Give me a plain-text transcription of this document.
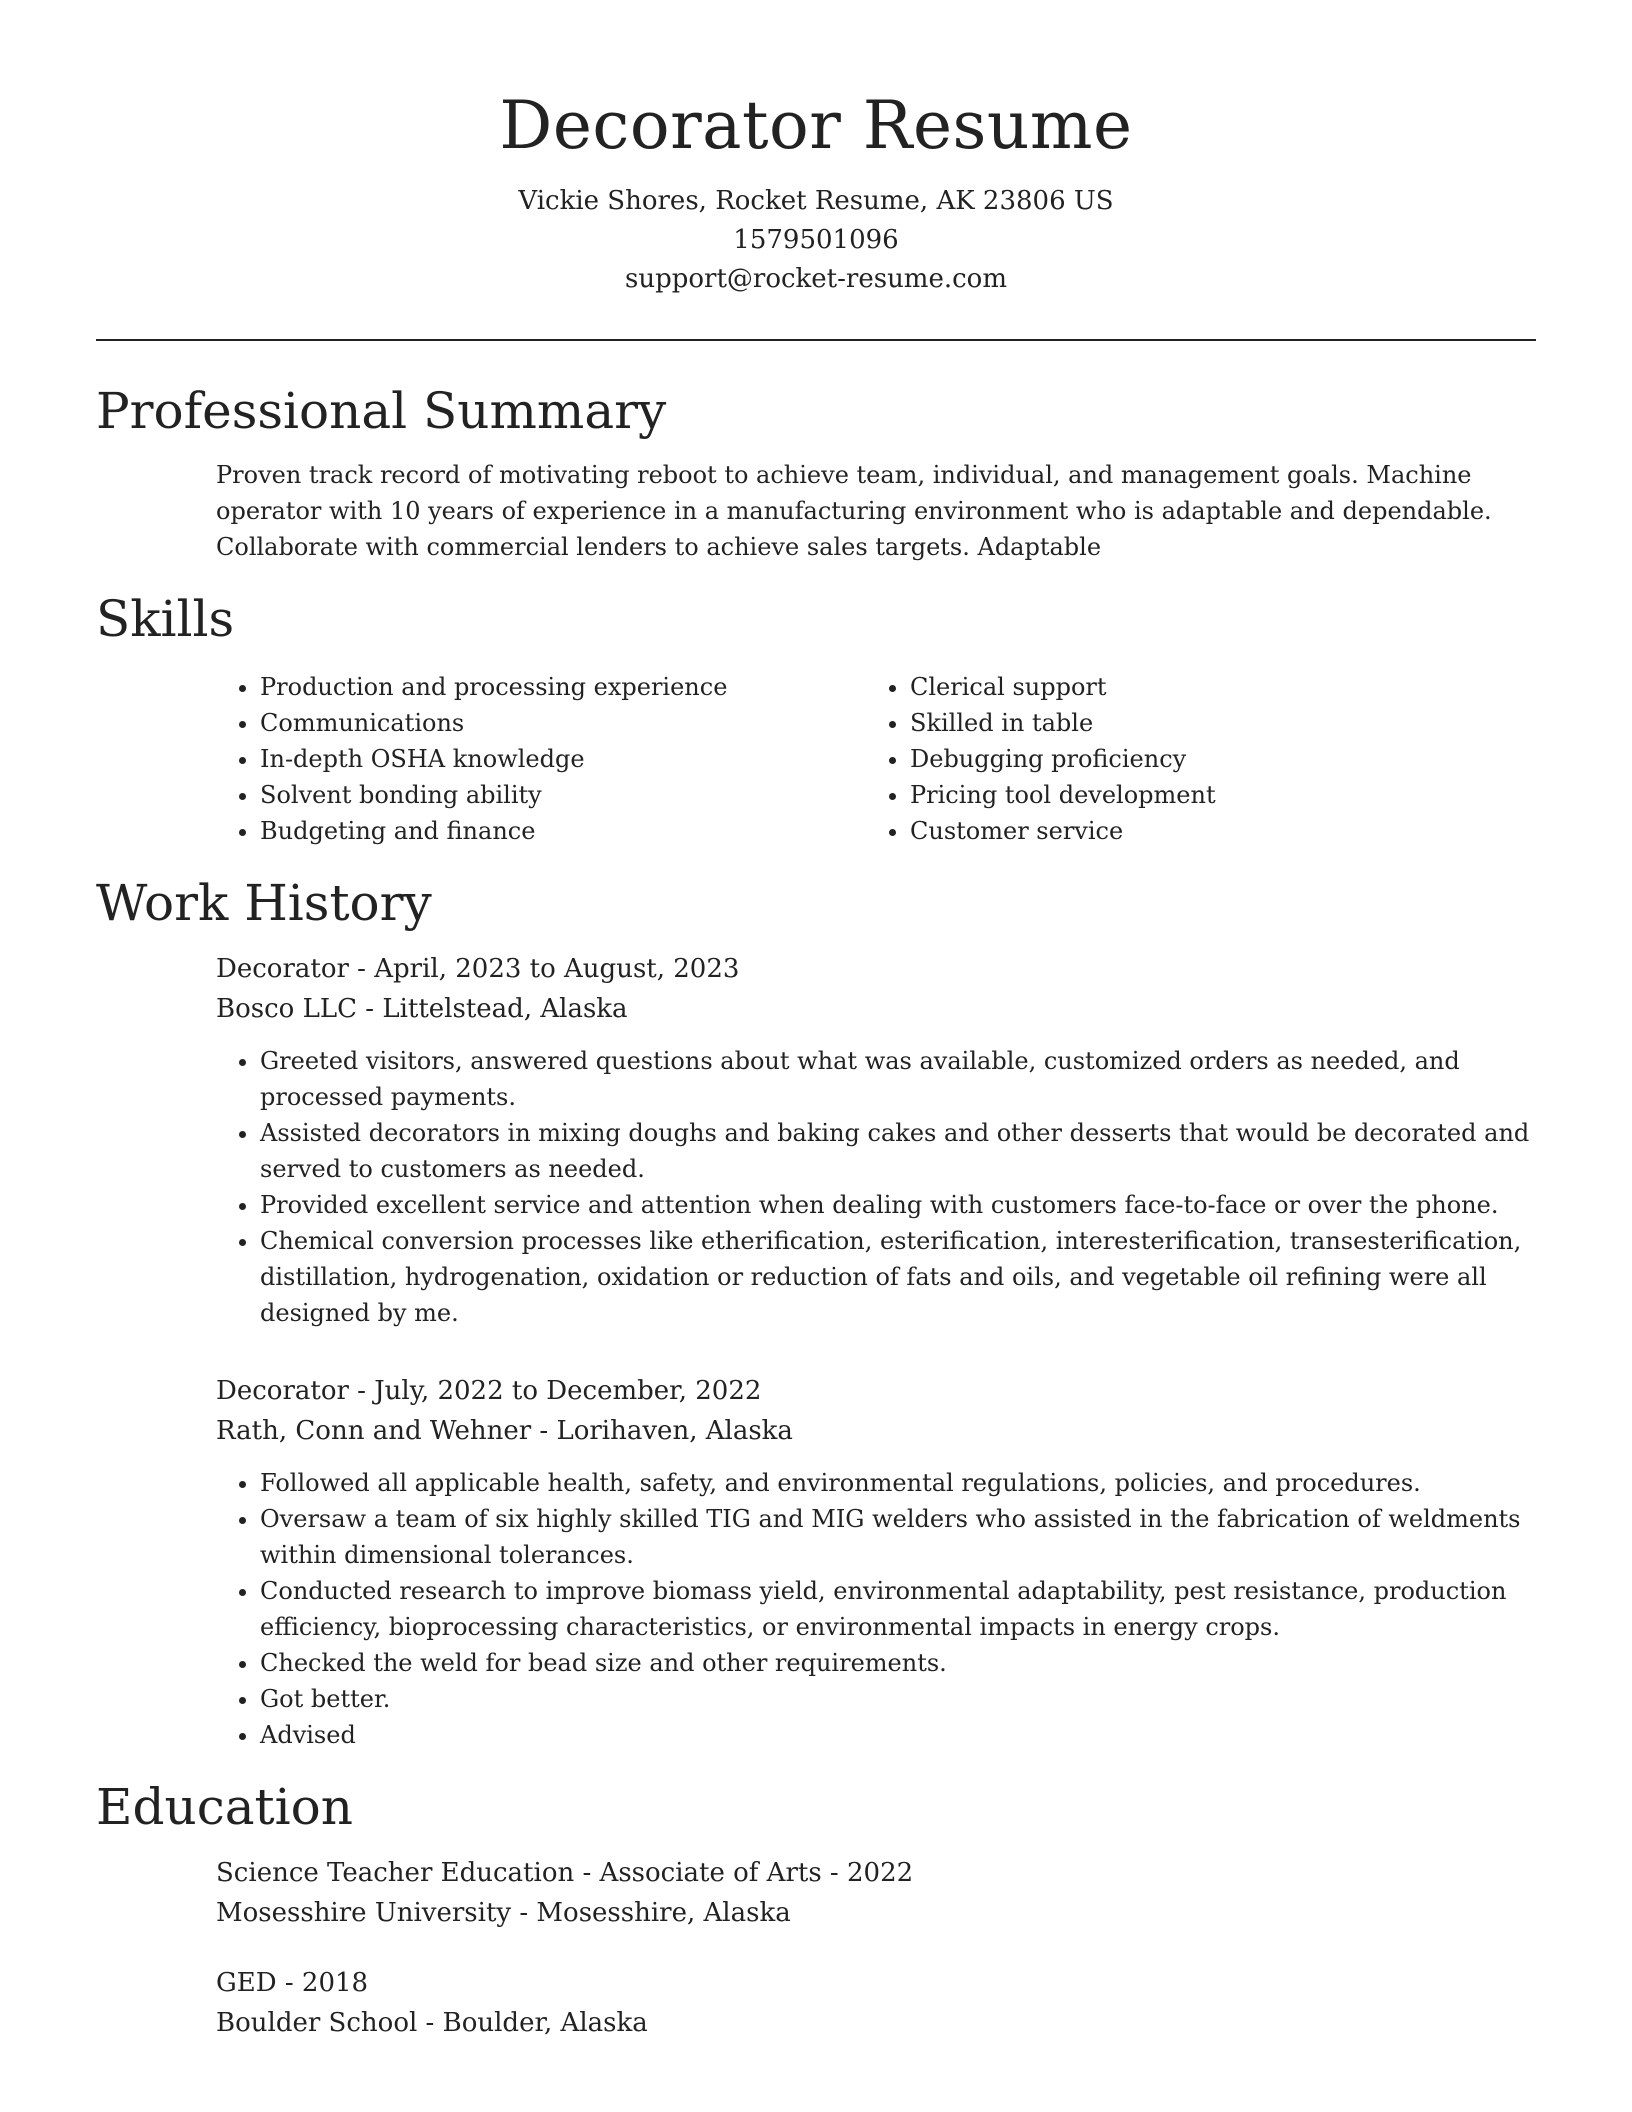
Decorator Resume
Vickie Shores, Rocket Resume, AK 23806 US
1579501096
support@rocket-resume.com
Professional Summary

Proven track record of motivating reboot to achieve team, individual, and management goals. Machine operator with 10 years of experience in a manufacturing environment who is adaptable and dependable. Collaborate with commercial lenders to achieve sales targets. Adaptable

Skills
• Production and processing experience
• Communications
• In-depth OSHA knowledge
• Solvent bonding ability
• Budgeting and finance
• Clerical support
• Skilled in table
• Debugging proficiency
• Pricing tool development
• Customer service
Work History
Decorator - April, 2023 to August, 2023
Bosco LLC - Littelstead, Alaska
• Greeted visitors, answered questions about what was available, customized orders as needed, and processed payments.
• Assisted decorators in mixing doughs and baking cakes and other desserts that would be decorated and served to customers as needed.
• Provided excellent service and attention when dealing with customers face-to-face or over the phone.
• Chemical conversion processes like etherification, esterification, interesterification, transesterification, distillation, hydrogenation, oxidation or reduction of fats and oils, and vegetable oil refining were all designed by me.
Decorator - July, 2022 to December, 2022
Rath, Conn and Wehner - Lorihaven, Alaska
• Followed all applicable health, safety, and environmental regulations, policies, and procedures.
• Oversaw a team of six highly skilled TIG and MIG welders who assisted in the fabrication of weldments within dimensional tolerances.
• Conducted research to improve biomass yield, environmental adaptability, pest resistance, production efficiency, bioprocessing characteristics, or environmental impacts in energy crops.
• Checked the weld for bead size and other requirements.
• Got better.
• Advised
Education
Science Teacher Education - Associate of Arts - 2022
Mosesshire University - Mosesshire, Alaska
GED - 2018
Boulder School - Boulder, Alaska
